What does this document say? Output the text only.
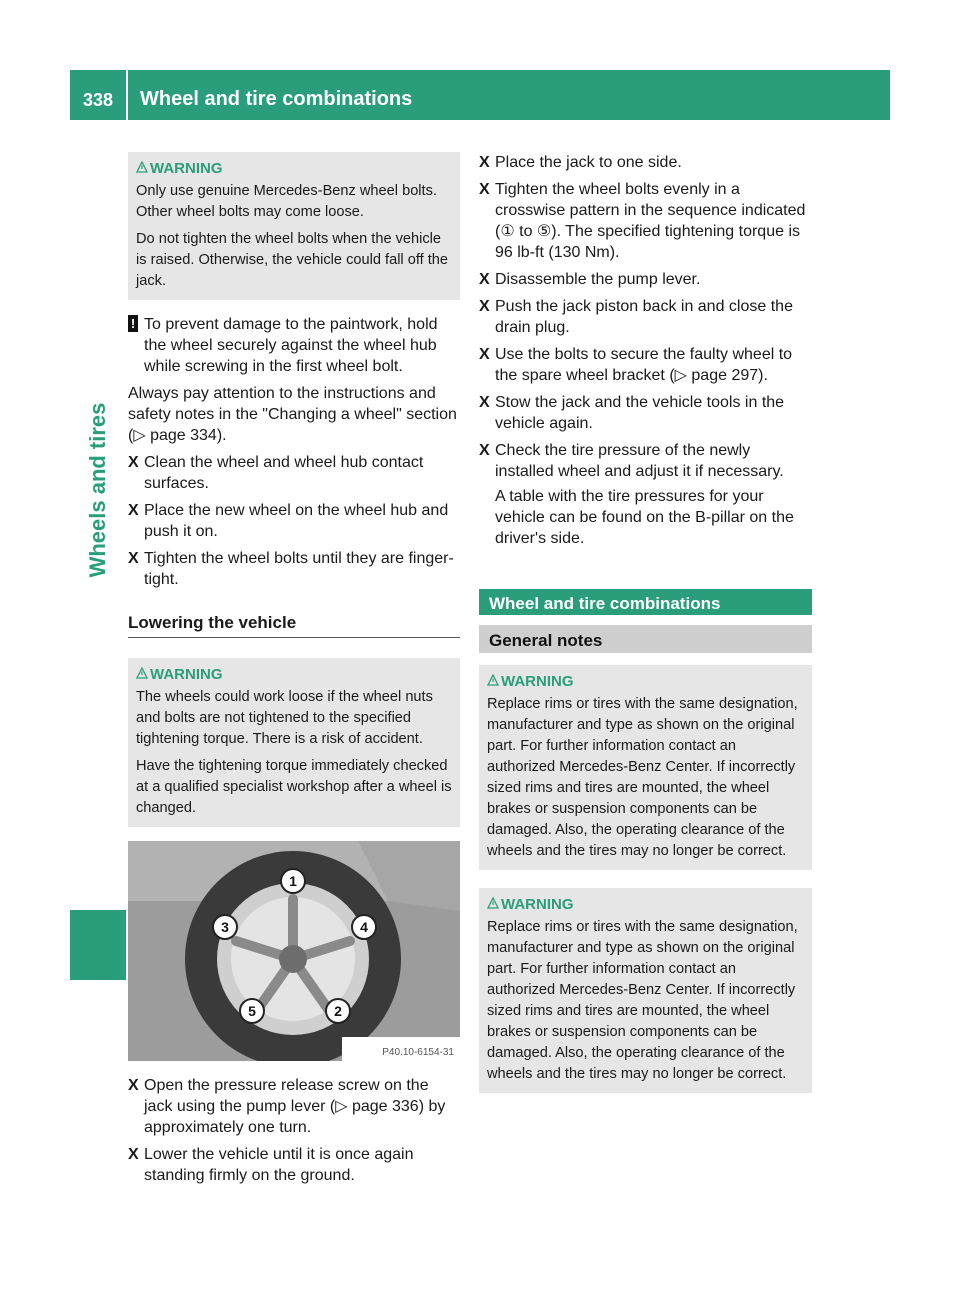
338	Wheel and tire combinations
Wheels and tires
WARNING

Only use genuine Mercedes-Benz wheel bolts. Other wheel bolts may come loose.

Do not tighten the wheel bolts when the vehicle is raised. Otherwise, the vehicle could fall off the jack.

! To prevent damage to the paintwork, hold the wheel securely against the wheel hub while screwing in the first wheel bolt.

Always pay attention to the instructions and safety notes in the "Changing a wheel" section (▷ page 334).

X Clean the wheel and wheel hub contact surfaces.
X Place the new wheel on the wheel hub and push it on.
X Tighten the wheel bolts until they are finger-tight.
Lowering the vehicle
WARNING

The wheels could work loose if the wheel nuts and bolts are not tightened to the specified tightening torque. There is a risk of accident.

Have the tightening torque immediately checked at a qualified specialist workshop after a wheel is changed.

1
2
3	4
5
P40.10-6154-31
X Open the pressure release screw on the jack using the pump lever (▷ page 336) by approximately one turn.
X Lower the vehicle until it is once again standing firmly on the ground.
X Place the jack to one side.
X Tighten the wheel bolts evenly in a crosswise pattern in the sequence indicated (① to ⑤). The specified tightening torque is 96 lb-ft (130 Nm).
X Disassemble the pump lever.
X Push the jack piston back in and close the drain plug.
X Use the bolts to secure the faulty wheel to the spare wheel bracket (▷ page 297).
X Stow the jack and the vehicle tools in the vehicle again.
X Check the tire pressure of the newly installed wheel and adjust it if necessary.
A table with the tire pressures for your vehicle can be found on the B-pillar on the driver's side.
Wheel and tire combinations
General notes
WARNING

Replace rims or tires with the same designation, manufacturer and type as shown on the original part. For further information contact an authorized Mercedes-Benz Center. If incorrectly sized rims and tires are mounted, the wheel brakes or suspension components can be damaged. Also, the operating clearance of the wheels and the tires may no longer be correct.

WARNING

Replace rims or tires with the same designation, manufacturer and type as shown on the original part. For further information contact an authorized Mercedes-Benz Center. If incorrectly sized rims and tires are mounted, the wheel brakes or suspension components can be damaged. Also, the operating clearance of the wheels and the tires may no longer be correct.
